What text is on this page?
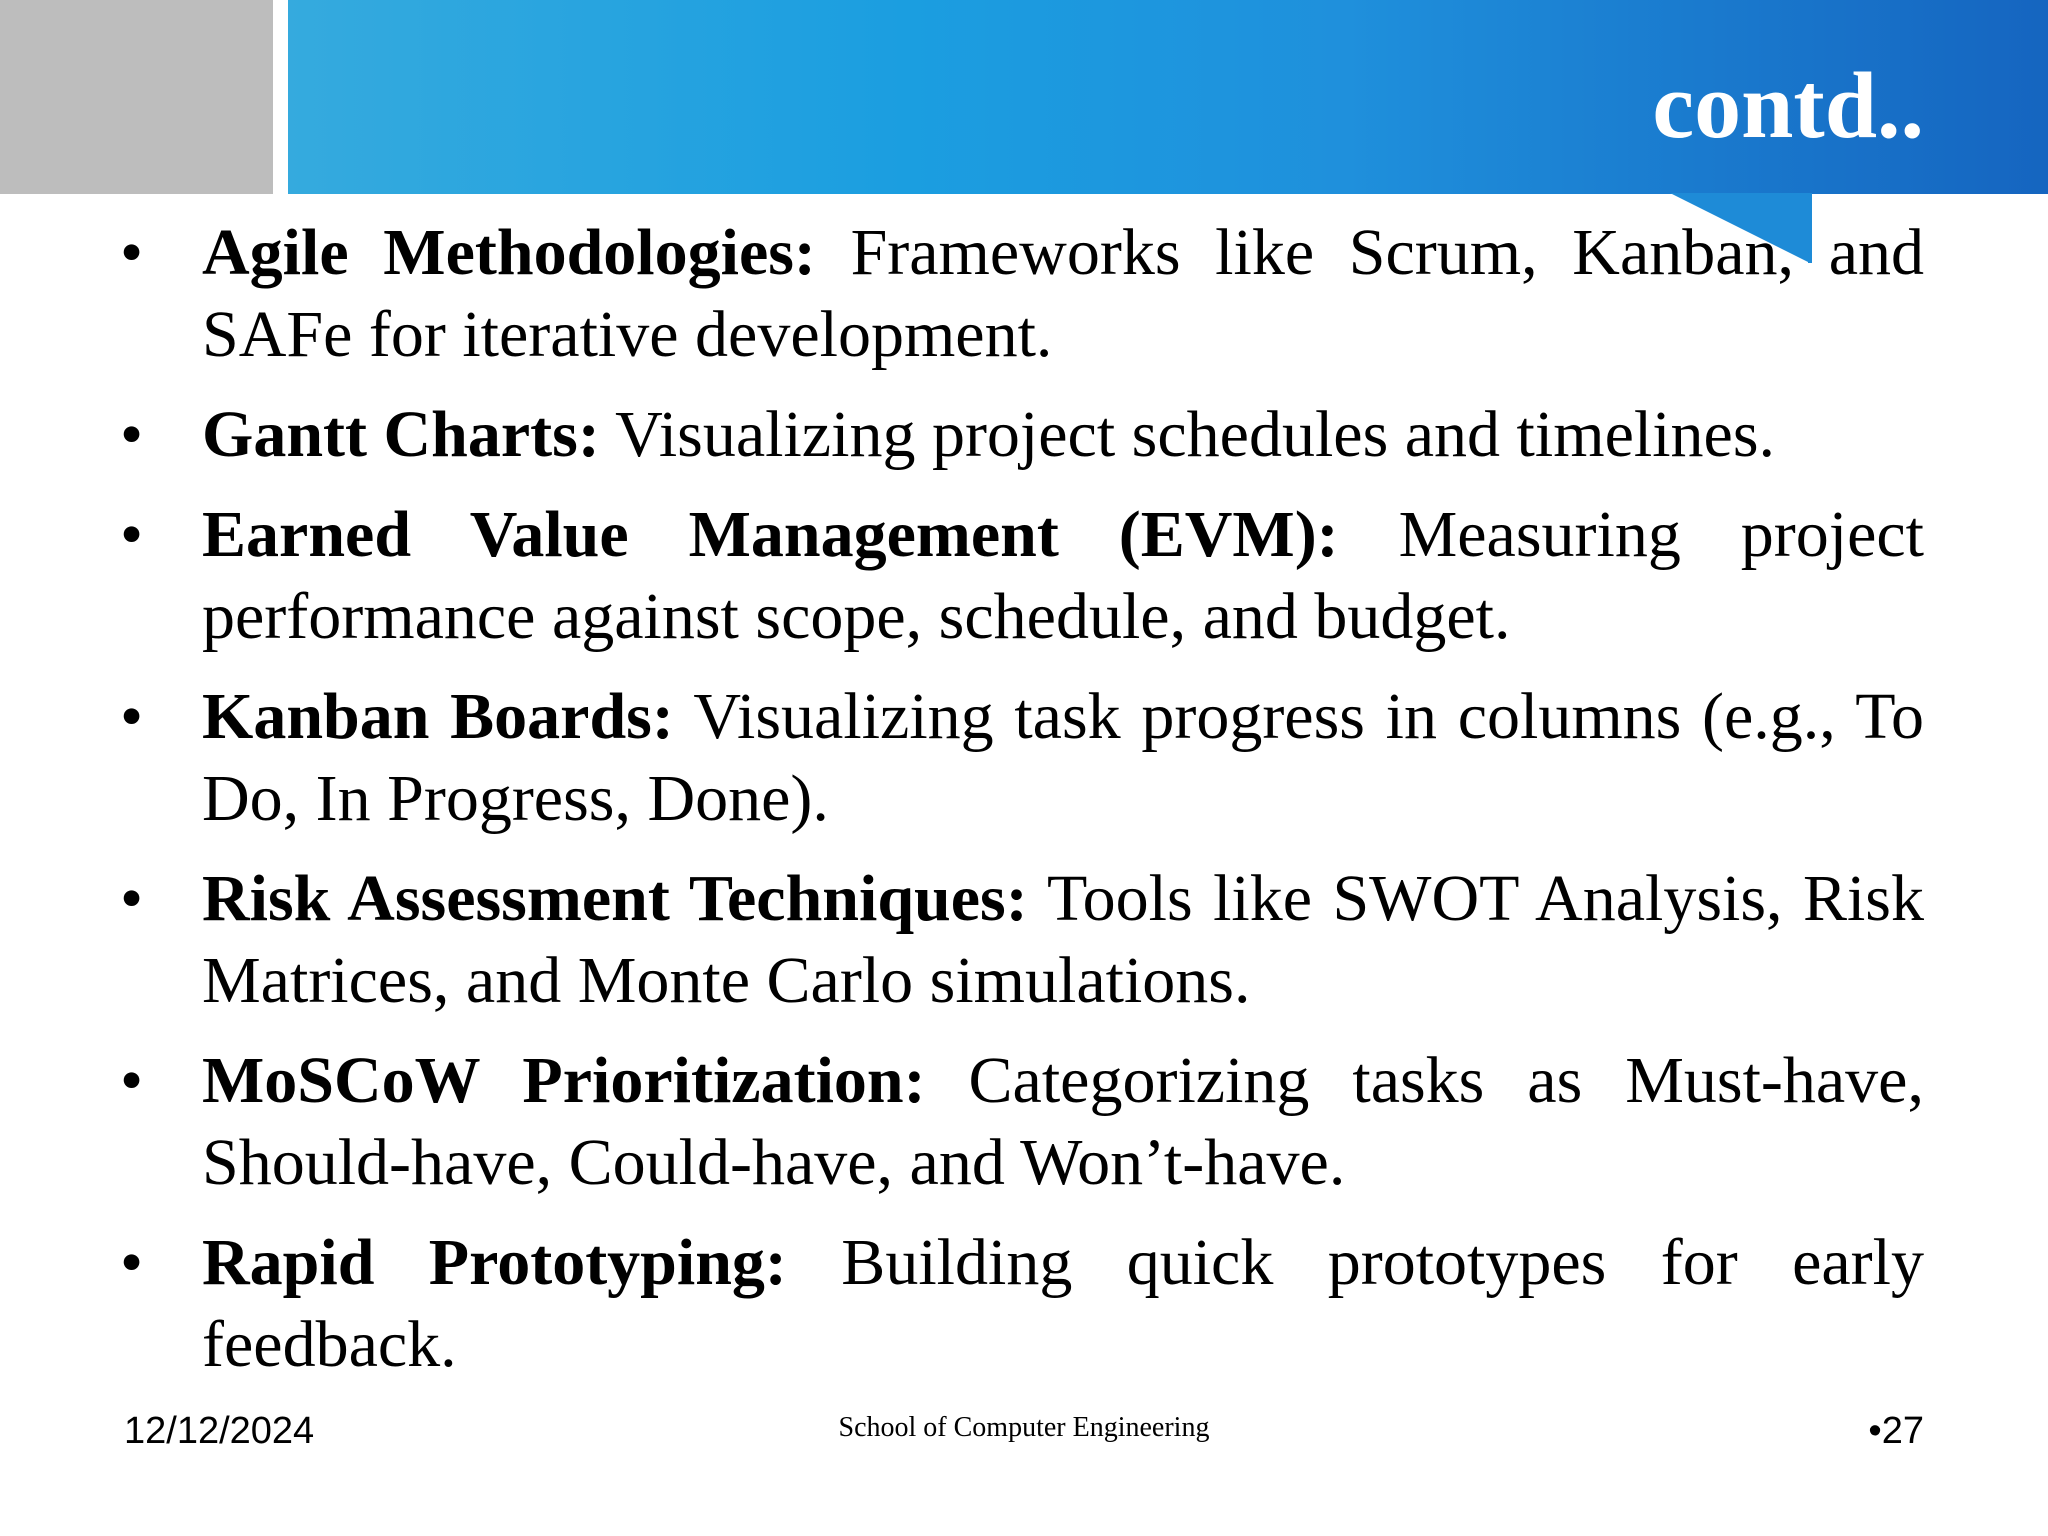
contd..
• Agile Methodologies: Frameworks like Scrum, Kanban, and SAFe for iterative development.
• Gantt Charts: Visualizing project schedules and timelines.
• Earned Value Management (EVM): Measuring project performance against scope, schedule, and budget.
• Kanban Boards: Visualizing task progress in columns (e.g., To Do, In Progress, Done).
• Risk Assessment Techniques: Tools like SWOT Analysis, Risk Matrices, and Monte Carlo simulations.
• MoSCoW Prioritization: Categorizing tasks as Must-have, Should-have, Could-have, and Won’t-have.
• Rapid Prototyping: Building quick prototypes for early feedback.
12/12/2024	School of Computer Engineering	•27
